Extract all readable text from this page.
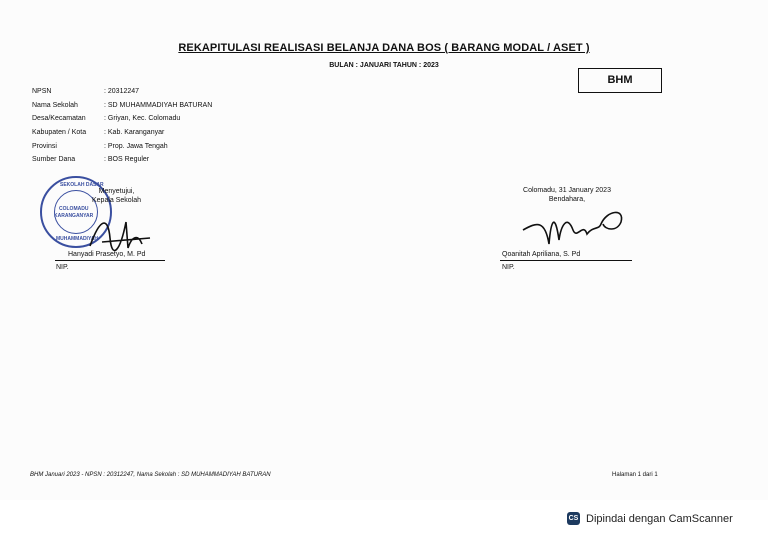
REKAPITULASI REALISASI BELANJA DANA BOS ( BARANG MODAL / ASET )
BULAN : JANUARI TAHUN : 2023
BHM
NPSN	: 20312247
Nama Sekolah	: SD MUHAMMADIYAH BATURAN
Desa/Kecamatan	: Griyan, Kec. Colomadu
Kabupaten / Kota	: Kab. Karanganyar
Provinsi	: Prop. Jawa Tengah
Sumber Dana	: BOS Reguler
SEKOLAH DASAR
COLOMADU
KARANGANYAR
MUHAMMADIYAH
Menyetujui,
Kepala Sekolah
Hanyadi Prasetyo, M. Pd
NIP.
Colomadu, 31 January 2023
Bendahara,
Qoanitah Apriliana, S. Pd
NIP.
BHM Januari 2023 - NPSN : 20312247, Nama Sekolah : SD MUHAMMADIYAH BATURAN	Halaman 1 dari 1
CS Dipindai dengan CamScanner
